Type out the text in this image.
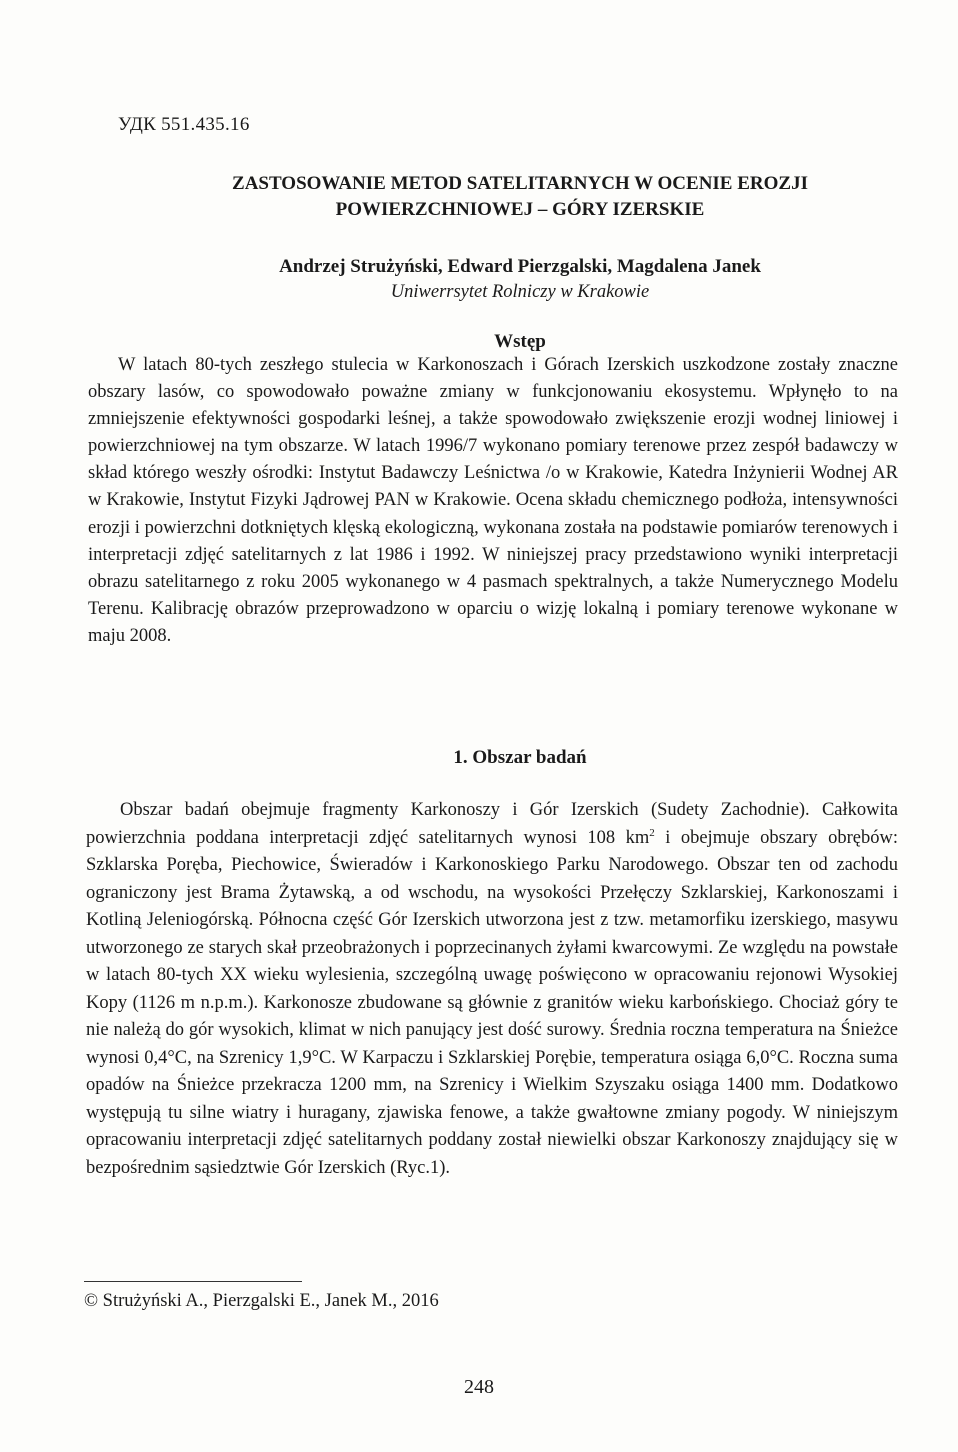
УДК 551.435.16
ZASTOSOWANIE METOD SATELITARNYCH W OCENIE EROZJI
POWIERZCHNIOWEJ – GÓRY IZERSKIE
Andrzej Strużyński, Edward Pierzgalski, Magdalena Janek
Uniwerrsytet Rolniczy w Krakowie
Wstęp

W latach 80-tych zeszłego stulecia w Karkonoszach i Górach Izerskich uszkodzone zostały znaczne obszary lasów, co spowodowało poważne zmiany w funkcjonowaniu ekosystemu. Wpłynęło to na zmniejszenie efektywności gospodarki leśnej, a także spowodowało zwiększenie erozji wodnej liniowej i powierzchniowej na tym obszarze. W latach 1996/7 wykonano pomiary terenowe przez zespół badawczy w skład którego weszły ośrodki: Instytut Badawczy Leśnictwa /o w Krakowie, Katedra Inżynierii Wodnej AR w Krakowie, Instytut Fizyki Jądrowej PAN w Krakowie. Ocena składu chemicznego podłoża, intensywności erozji i powierzchni dotkniętych klęską ekologiczną, wykonana została na podstawie pomiarów terenowych i interpretacji zdjęć satelitarnych z lat 1986 i 1992. W niniejszej pracy przedstawiono wyniki interpretacji obrazu satelitarnego z roku 2005 wykonanego w 4 pasmach spektralnych, a także Numerycznego Modelu Terenu. Kalibrację obrazów przeprowadzono w oparciu o wizję lokalną i pomiary terenowe wykonane w maju 2008.

1. Obszar badań

Obszar badań obejmuje fragmenty Karkonoszy i Gór Izerskich (Sudety Zachodnie). Całkowita powierzchnia poddana interpretacji zdjęć satelitarnych wynosi 108 $km^2$ i obejmuje obszary obrębów: Szklarska Poręba, Piechowice, Świeradów i Karkonoskiego Parku Narodowego. Obszar ten od zachodu ograniczony jest Brama Żytawską, a od wschodu, na wysokości Przełęczy Szklarskiej, Karkonoszami i Kotliną Jeleniogórską. Północna część Gór Izerskich utworzona jest z tzw. metamorfiku izerskiego, masywu utworzonego ze starych skał przeobrażonych i poprzecinanych żyłami kwarcowymi. Ze względu na powstałe w latach 80-tych XX wieku wylesienia, szczególną uwagę poświęcono w opracowaniu rejonowi Wysokiej Kopy (1126 m n.p.m.). Karkonosze zbudowane są głównie z granitów wieku karbońskiego. Chociaż góry te nie należą do gór wysokich, klimat w nich panujący jest dość surowy. Średnia roczna temperatura na Śnieżce wynosi 0,4°C, na Szrenicy 1,9°C. W Karpaczu i Szklarskiej Porębie, temperatura osiąga 6,0°C. Roczna suma opadów na Śnieżce przekracza 1200 mm, na Szrenicy i Wielkim Szyszaku osiąga 1400 mm. Dodatkowo występują tu silne wiatry i huragany, zjawiska fenowe, a także gwałtowne zmiany pogody. W niniejszym opracowaniu interpretacji zdjęć satelitarnych poddany został niewielki obszar Karkonoszy znajdujący się w bezpośrednim sąsiedztwie Gór Izerskich (Ryc.1).

© Strużyński A., Pierzgalski E., Janek M., 2016
248
